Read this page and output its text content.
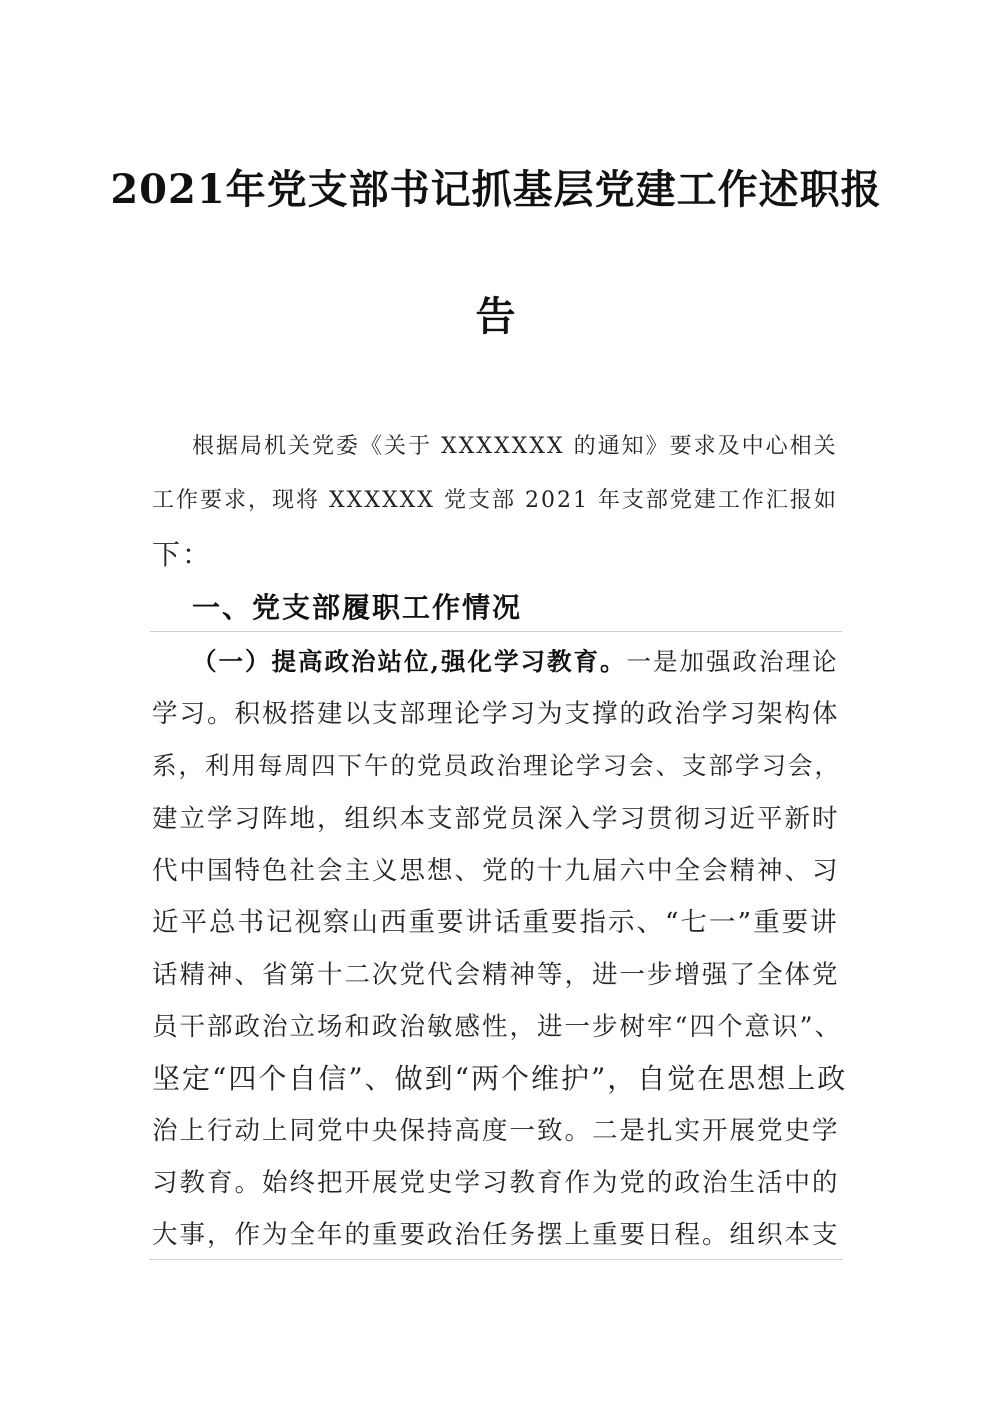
2021年党支部书记抓基层党建工作述职报
告
根据局机关党委《关于 XXXXXXX 的通知》要求及中心相关
工作要求，现将 XXXXXX 党支部 2021 年支部党建工作汇报如
下：
一、党支部履职工作情况
（一）提高政治站位,强化学习教育。一是加强政治理论
学习。积极搭建以支部理论学习为支撑的政治学习架构体
系，利用每周四下午的党员政治理论学习会、支部学习会，
建立学习阵地，组织本支部党员深入学习贯彻习近平新时
代中国特色社会主义思想、党的十九届六中全会精神、习
近平总书记视察山西重要讲话重要指示、“七一”重要讲
话精神、省第十二次党代会精神等，进一步增强了全体党
员干部政治立场和政治敏感性，进一步树牢“四个意识”、
坚定“四个自信”、做到“两个维护”，自觉在思想上政
治上行动上同党中央保持高度一致。二是扎实开展党史学
习教育。始终把开展党史学习教育作为党的政治生活中的
大事，作为全年的重要政治任务摆上重要日程。组织本支
